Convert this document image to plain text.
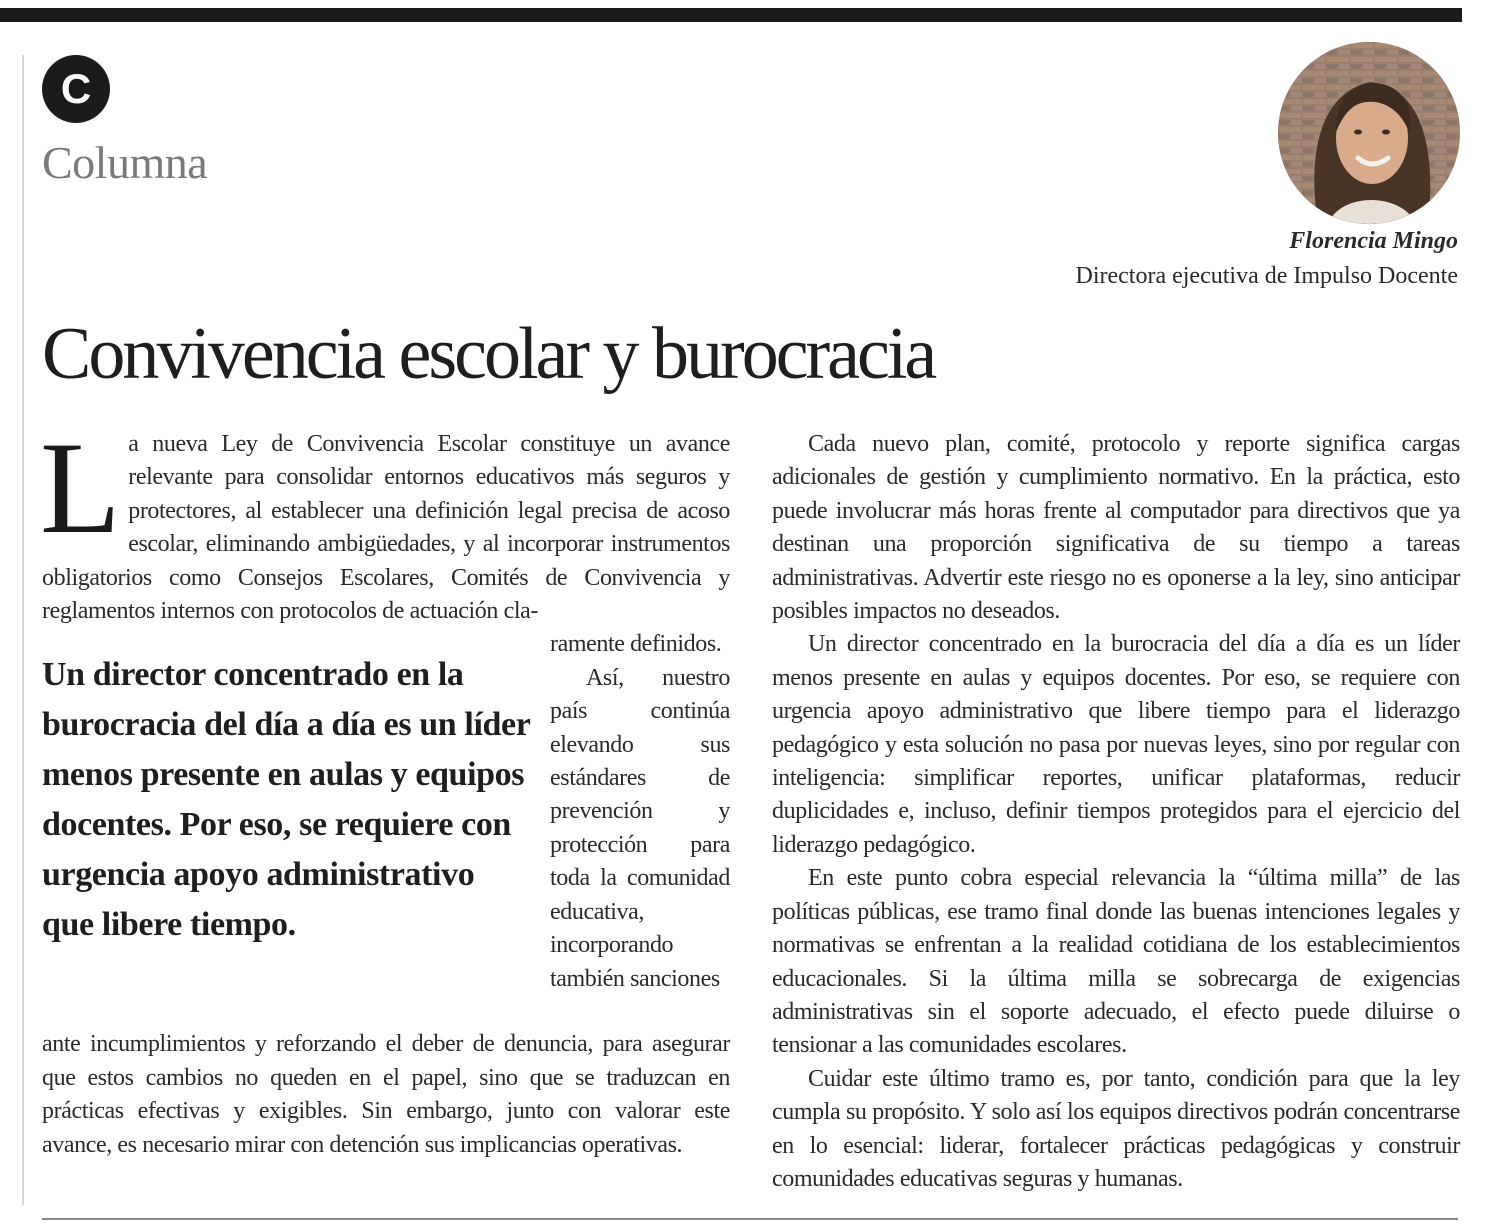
C
Columna
Florencia Mingo
Directora ejecutiva de Impulso Docente
Convivencia escolar y burocracia

La nueva Ley de Convivencia Escolar constituye un avance relevante para consolidar entornos educativos más seguros y protectores, al establecer una definición legal precisa de acoso escolar, eliminando ambigüedades, y al incorporar instrumentos obligatorios como Consejos Escolares, Comités de Convivencia y reglamentos internos con protocolos de actuación cla-

Un director concentrado en la burocracia del día a día es un líder menos presente en aulas y equipos docentes. Por eso, se requiere con urgencia apoyo administrativo que libere tiempo.

ramente definidos.

Así, nuestro país continúa elevando sus estándares de prevención y protección para toda la comunidad educativa, incorporando también sanciones

ante incumplimientos y reforzando el deber de denuncia, para asegurar que estos cambios no queden en el papel, sino que se traduzcan en prácticas efectivas y exigibles. Sin embargo, junto con valorar este avance, es necesario mirar con detención sus implicancias operativas.

Cada nuevo plan, comité, protocolo y reporte significa cargas adicionales de gestión y cumplimiento normativo. En la práctica, esto puede involucrar más horas frente al computador para directivos que ya destinan una proporción significativa de su tiempo a tareas administrativas. Advertir este riesgo no es oponerse a la ley, sino anticipar posibles impactos no deseados.

Un director concentrado en la burocracia del día a día es un líder menos presente en aulas y equipos docentes. Por eso, se requiere con urgencia apoyo administrativo que libere tiempo para el liderazgo pedagógico y esta solución no pasa por nuevas leyes, sino por regular con inteligencia: simplificar reportes, unificar plataformas, reducir duplicidades e, incluso, definir tiempos protegidos para el ejercicio del liderazgo pedagógico.

En este punto cobra especial relevancia la “última milla” de las políticas públicas, ese tramo final donde las buenas intenciones legales y normativas se enfrentan a la realidad cotidiana de los establecimientos educacionales. Si la última milla se sobrecarga de exigencias administrativas sin el soporte adecuado, el efecto puede diluirse o tensionar a las comunidades escolares.

Cuidar este último tramo es, por tanto, condición para que la ley cumpla su propósito. Y solo así los equipos directivos podrán concentrarse en lo esencial: liderar, fortalecer prácticas pedagógicas y construir comunidades educativas seguras y humanas.
